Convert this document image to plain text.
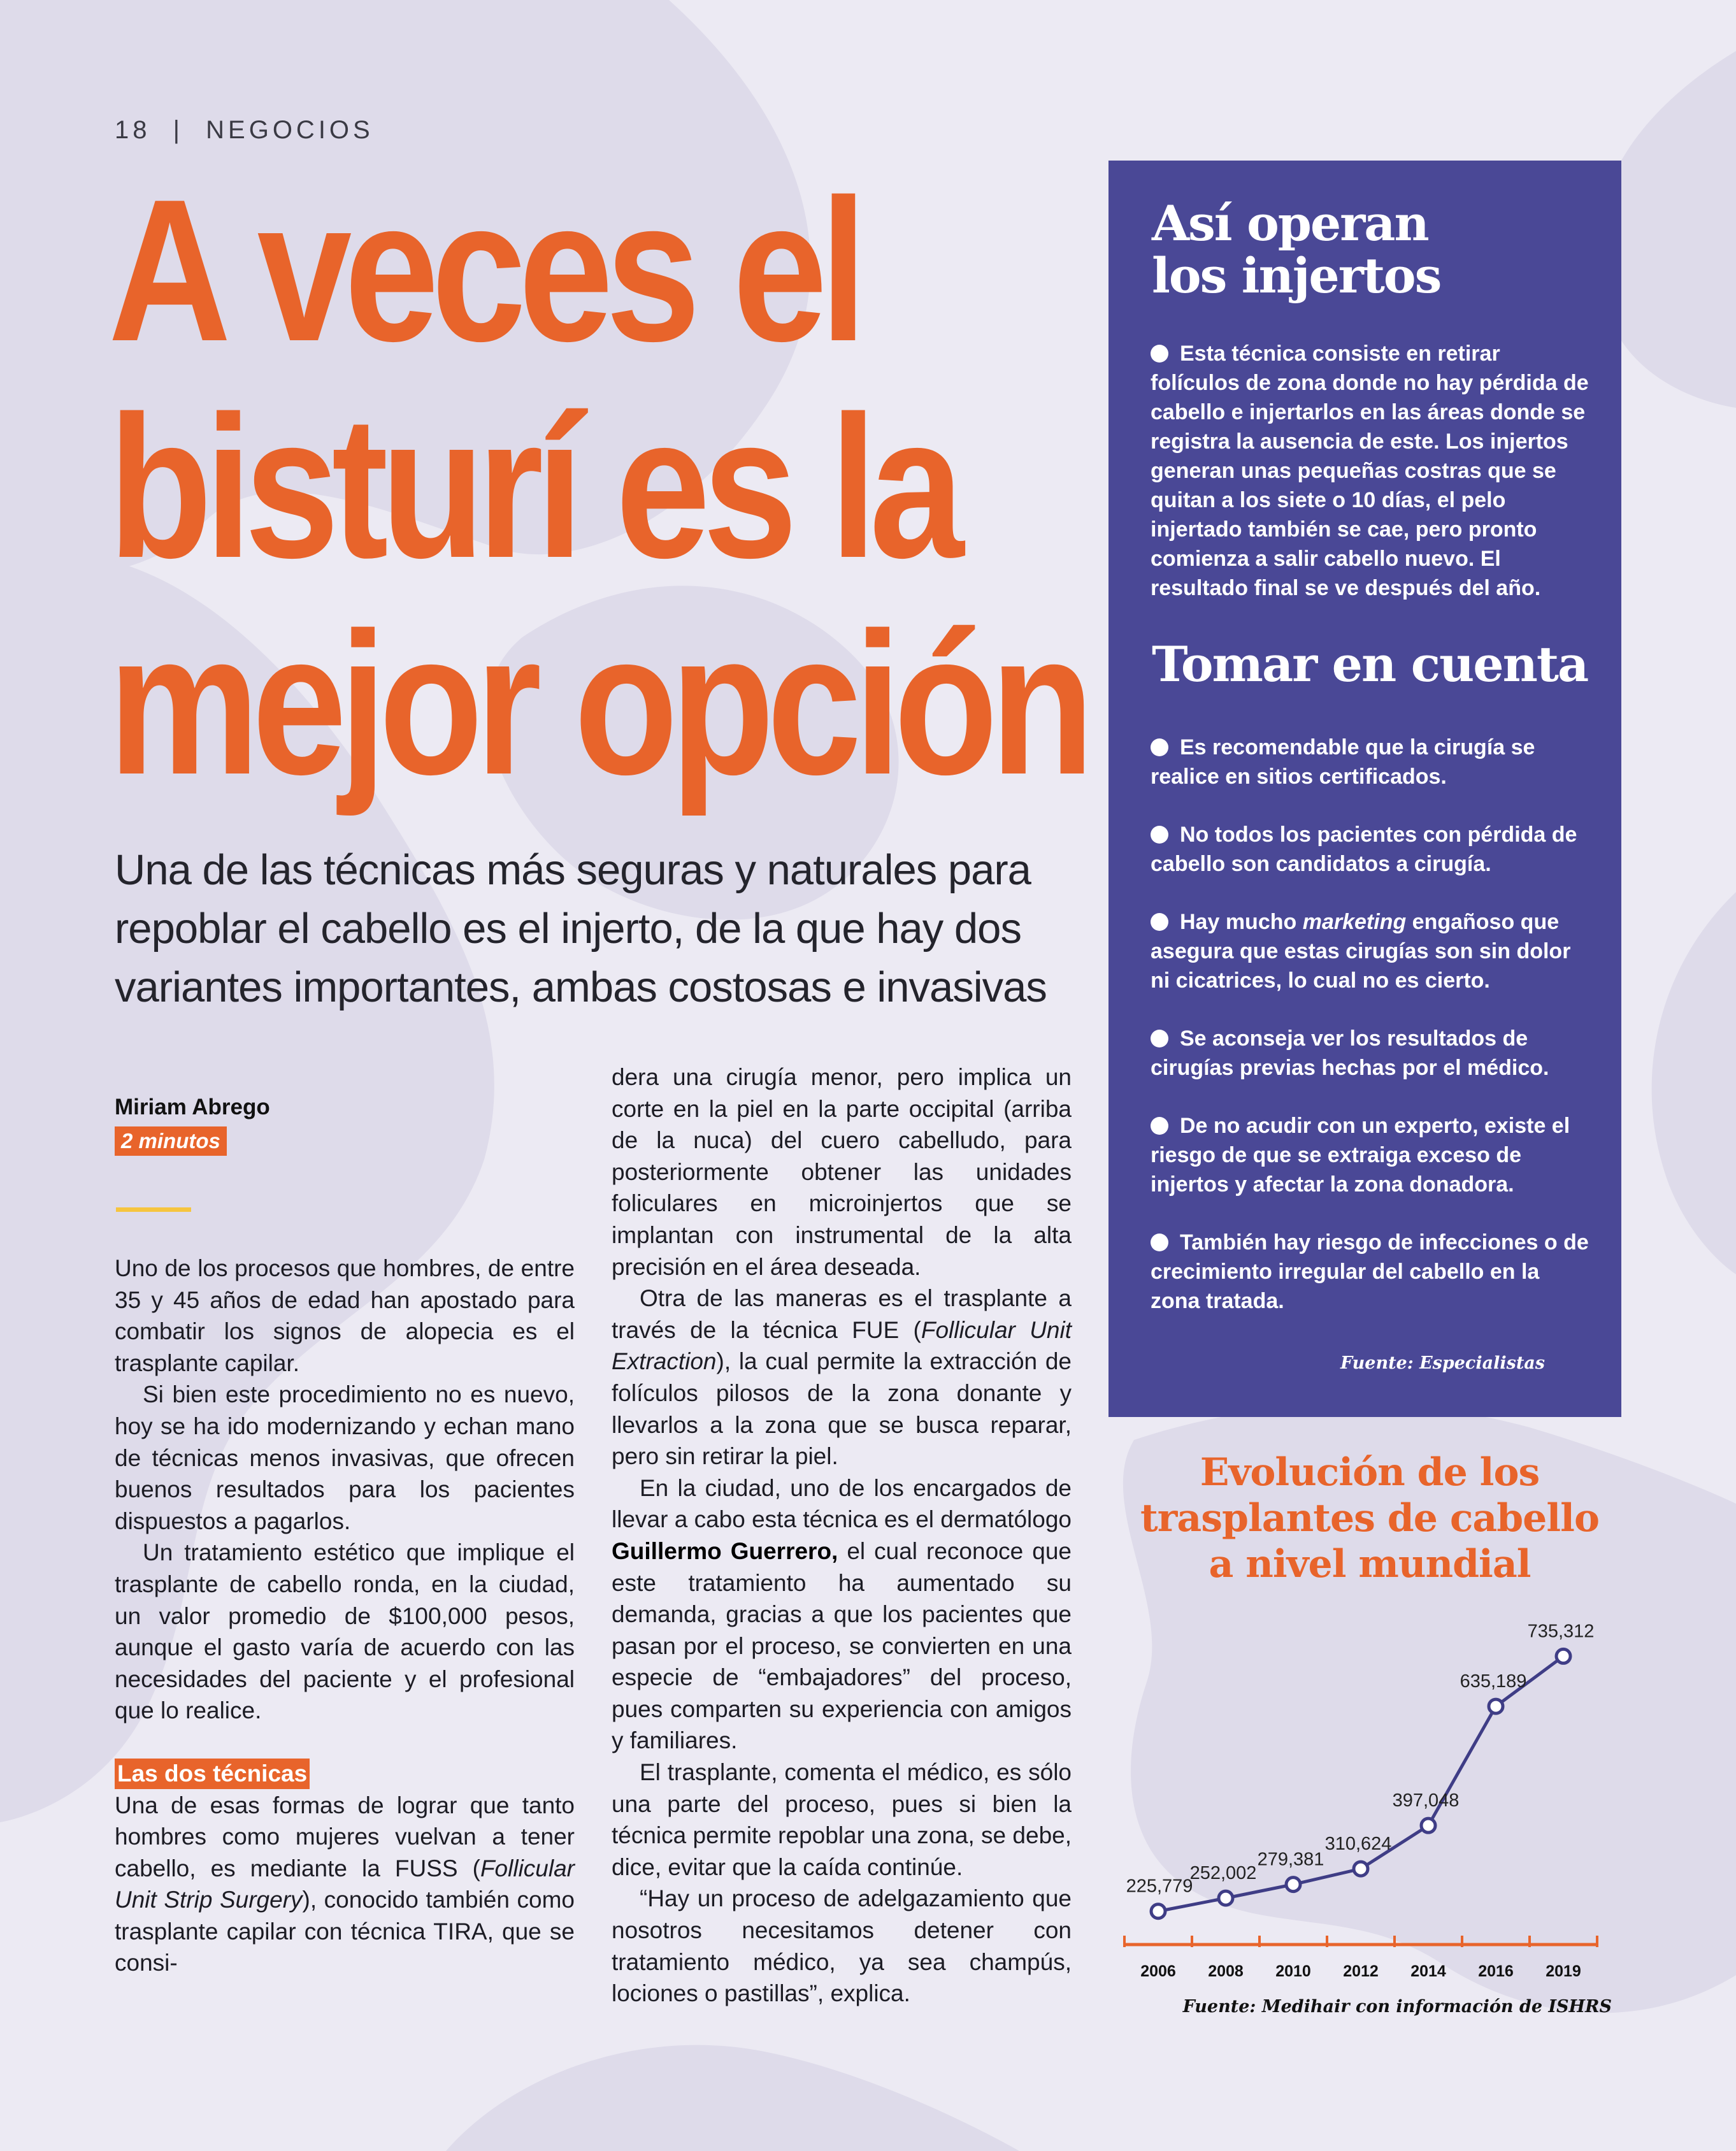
18 | NEGOCIOS
A veces el
bisturí es la
mejor opción

Una de las técnicas más seguras y naturales para repoblar el cabello es el injerto, de la que hay dos variantes importantes, ambas costosas e invasivas

Miriam Abrego
2 minutos

Uno de los procesos que hombres, de entre 35 y 45 años de edad han apostado para combatir los signos de alopecia es el trasplante capilar.

Si bien este procedimiento no es nuevo, hoy se ha ido modernizando y echan mano de técnicas menos invasivas, que ofrecen buenos resultados para los pacientes dispuestos a pagarlos.

Un tratamiento estético que implique el trasplante de cabello ronda, en la ciudad, un valor promedio de $100,000 pesos, aunque el gasto varía de acuerdo con las necesidades del paciente y el profesional que lo realice.

Las dos técnicas

Una de esas formas de lograr que tanto hombres como mujeres vuelvan a tener cabello, es mediante la FUSS (Follicular Unit Strip Surgery), conocido también como trasplante capilar con técnica TIRA, que se consi-

dera una cirugía menor, pero implica un corte en la piel en la parte occipital (arriba de la nuca) del cuero cabelludo, para posteriormente obtener las unidades foliculares en microinjertos que se implantan con instrumental de la alta precisión en el área deseada.

Otra de las maneras es el trasplante a través de la técnica FUE (Follicular Unit Extraction), la cual permite la extracción de folículos pilosos de la zona donante y llevarlos a la zona que se busca reparar, pero sin retirar la piel.

En la ciudad, uno de los encargados de llevar a cabo esta técnica es el dermatólogo Guillermo Guerrero, el cual reconoce que este tratamiento ha aumentado su demanda, gracias a que los pacientes que pasan por el proceso, se convierten en una especie de “embajadores” del proceso, pues comparten su experiencia con amigos y familiares.

El trasplante, comenta el médico, es sólo una parte del proceso, pues si bien la técnica permite repoblar una zona, se debe, dice, evitar que la caída continúe.

“Hay un proceso de adelgazamiento que nosotros necesitamos detener con tratamiento médico, ya sea champús, lociones o pastillas”, explica.

Así operan
los injertos

Esta técnica consiste en retirar folículos de zona donde no hay pérdida de cabello e injertarlos en las áreas donde se registra la ausencia de este. Los injertos generan unas pequeñas costras que se quitan a los siete o 10 días, el pelo injertado también se cae, pero pronto comienza a salir cabello nuevo. El resultado final se ve después del año.

Tomar en cuenta

Es recomendable que la cirugía se realice en sitios certificados.

No todos los pacientes con pérdida de cabello son candidatos a cirugía.

Hay mucho marketing engañoso que asegura que estas cirugías son sin dolor ni cicatrices, lo cual no es cierto.

Se aconseja ver los resultados de cirugías previas hechas por el médico.

De no acudir con un experto, existe el riesgo de que se extraiga exceso de injertos y afectar la zona donadora.

También hay riesgo de infecciones o de crecimiento irregular del cabello en la zona tratada.

Fuente: Especialistas
Evolución de los
trasplantes de cabello
a nivel mundial
225,779
252,002
279,381
310,624
397,048
635,189
735,312
2006 2008 2010 2012 2014 2016 2019
Fuente: Medihair con información de ISHRS
